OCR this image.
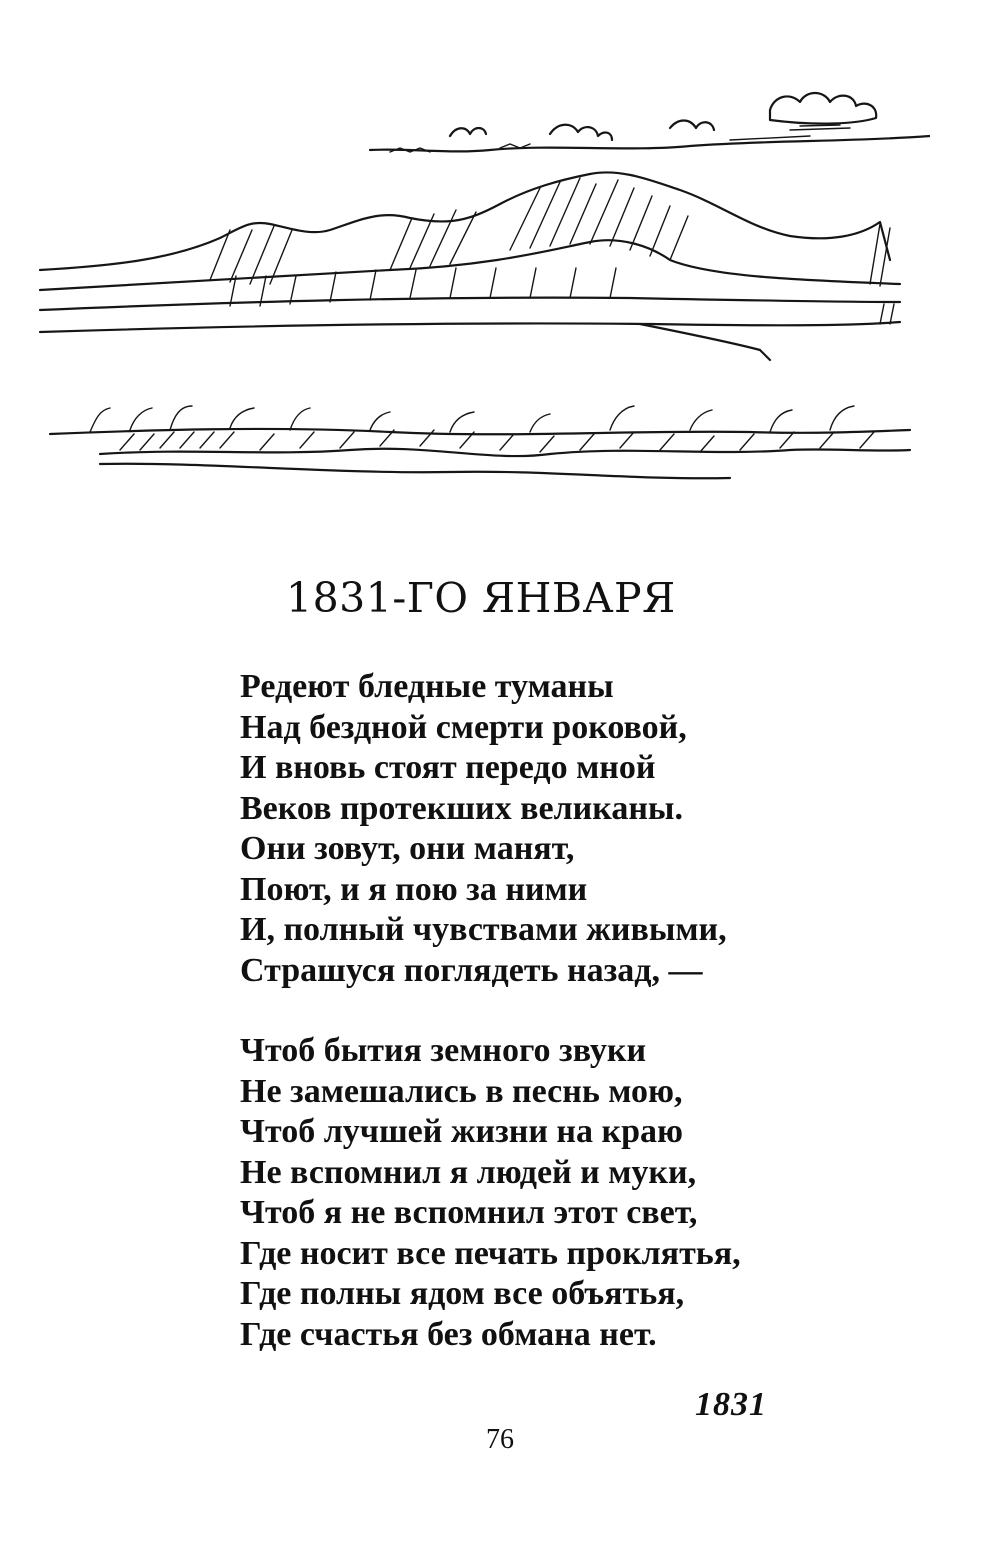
1831-ГО ЯНВАРЯ

Редеют бледные туманы
Над бездной смерти роковой,
И вновь стоят передо мной
Веков протекших великаны.
Они зовут, они манят,
Поют, и я пою за ними
И, полный чувствами живыми,
Страшуся поглядеть назад, —

Чтоб бытия земного звуки
Не замешались в песнь мою,
Чтоб лучшей жизни на краю
Не вспомнил я людей и муки,
Чтоб я не вспомнил этот свет,
Где носит все печать проклятья,
Где полны ядом все объятья,
Где счастья без обмана нет.

1831
76
